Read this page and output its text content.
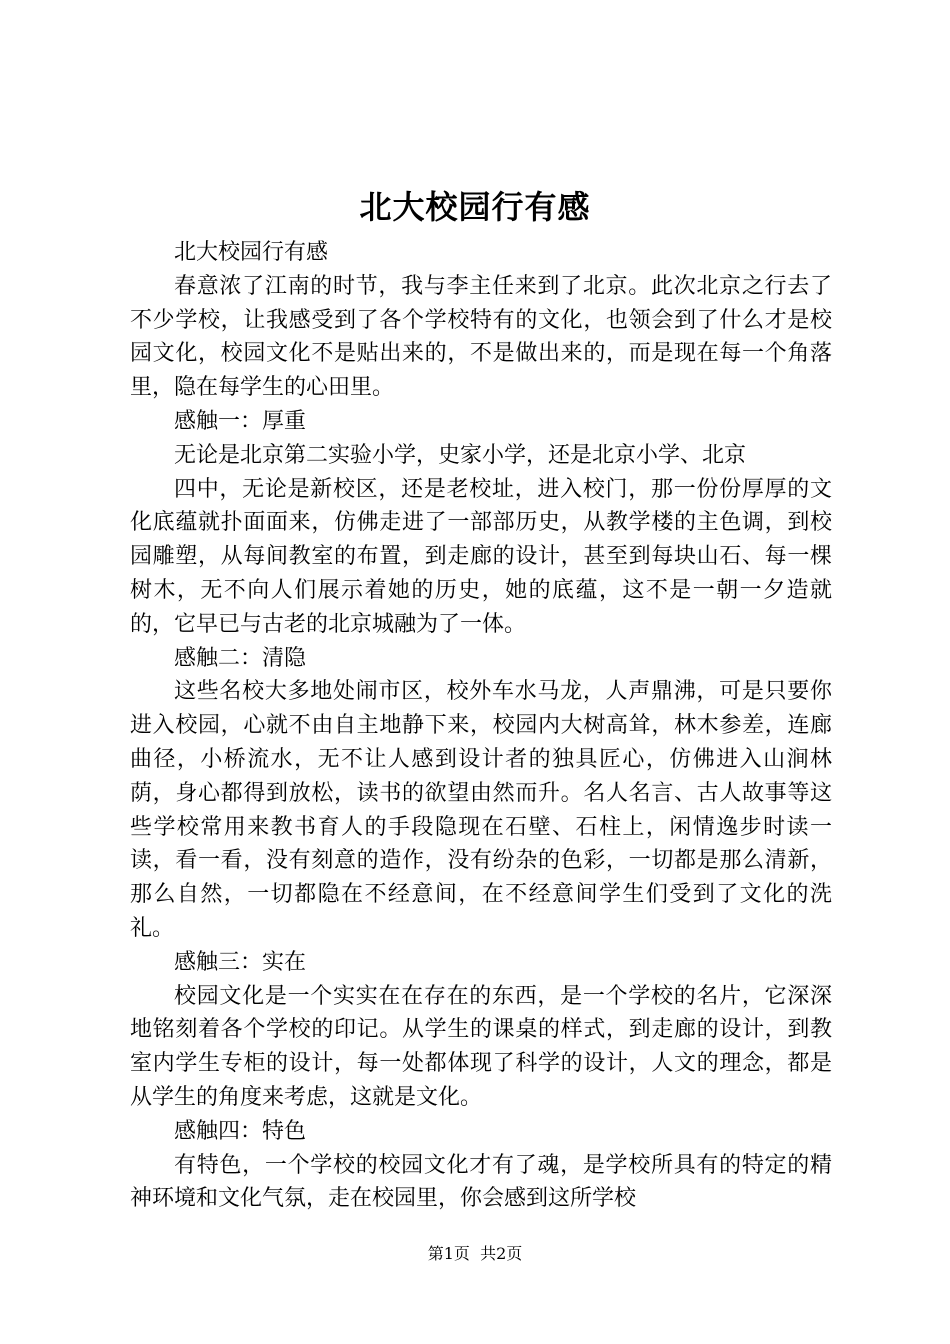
北大校园行有感

北大校园行有感

春意浓了江南的时节，我与李主任来到了北京。此次北京之行去了不少学校，让我感受到了各个学校特有的文化，也领会到了什么才是校园文化，校园文化不是贴出来的，不是做出来的，而是现在每一个角落里，隐在每学生的心田里。

感触一：厚重

无论是北京第二实验小学，史家小学，还是北京小学、北京

四中，无论是新校区，还是老校址，进入校门，那一份份厚厚的文化底蕴就扑面面来，仿佛走进了一部部历史，从教学楼的主色调，到校园雕塑，从每间教室的布置，到走廊的设计，甚至到每块山石、每一棵树木，无不向人们展示着她的历史，她的底蕴，这不是一朝一夕造就的，它早已与古老的北京城融为了一体。

感触二：清隐

这些名校大多地处闹市区，校外车水马龙，人声鼎沸，可是只要你进入校园，心就不由自主地静下来，校园内大树高耸，林木参差，连廊曲径，小桥流水，无不让人感到设计者的独具匠心，仿佛进入山涧林荫，身心都得到放松，读书的欲望由然而升。名人名言、古人故事等这些学校常用来教书育人的手段隐现在石壁、石柱上，闲情逸步时读一读，看一看，没有刻意的造作，没有纷杂的色彩，一切都是那么清新，那么自然，一切都隐在不经意间，在不经意间学生们受到了文化的洗礼。

感触三：实在

校园文化是一个实实在在存在的东西，是一个学校的名片，它深深地铭刻着各个学校的印记。从学生的课桌的样式，到走廊的设计，到教室内学生专柜的设计，每一处都体现了科学的设计，人文的理念，都是从学生的角度来考虑，这就是文化。

感触四：特色

有特色，一个学校的校园文化才有了魂，是学校所具有的特定的精神环境和文化气氛，走在校园里，你会感到这所学校

第1页  共2页
